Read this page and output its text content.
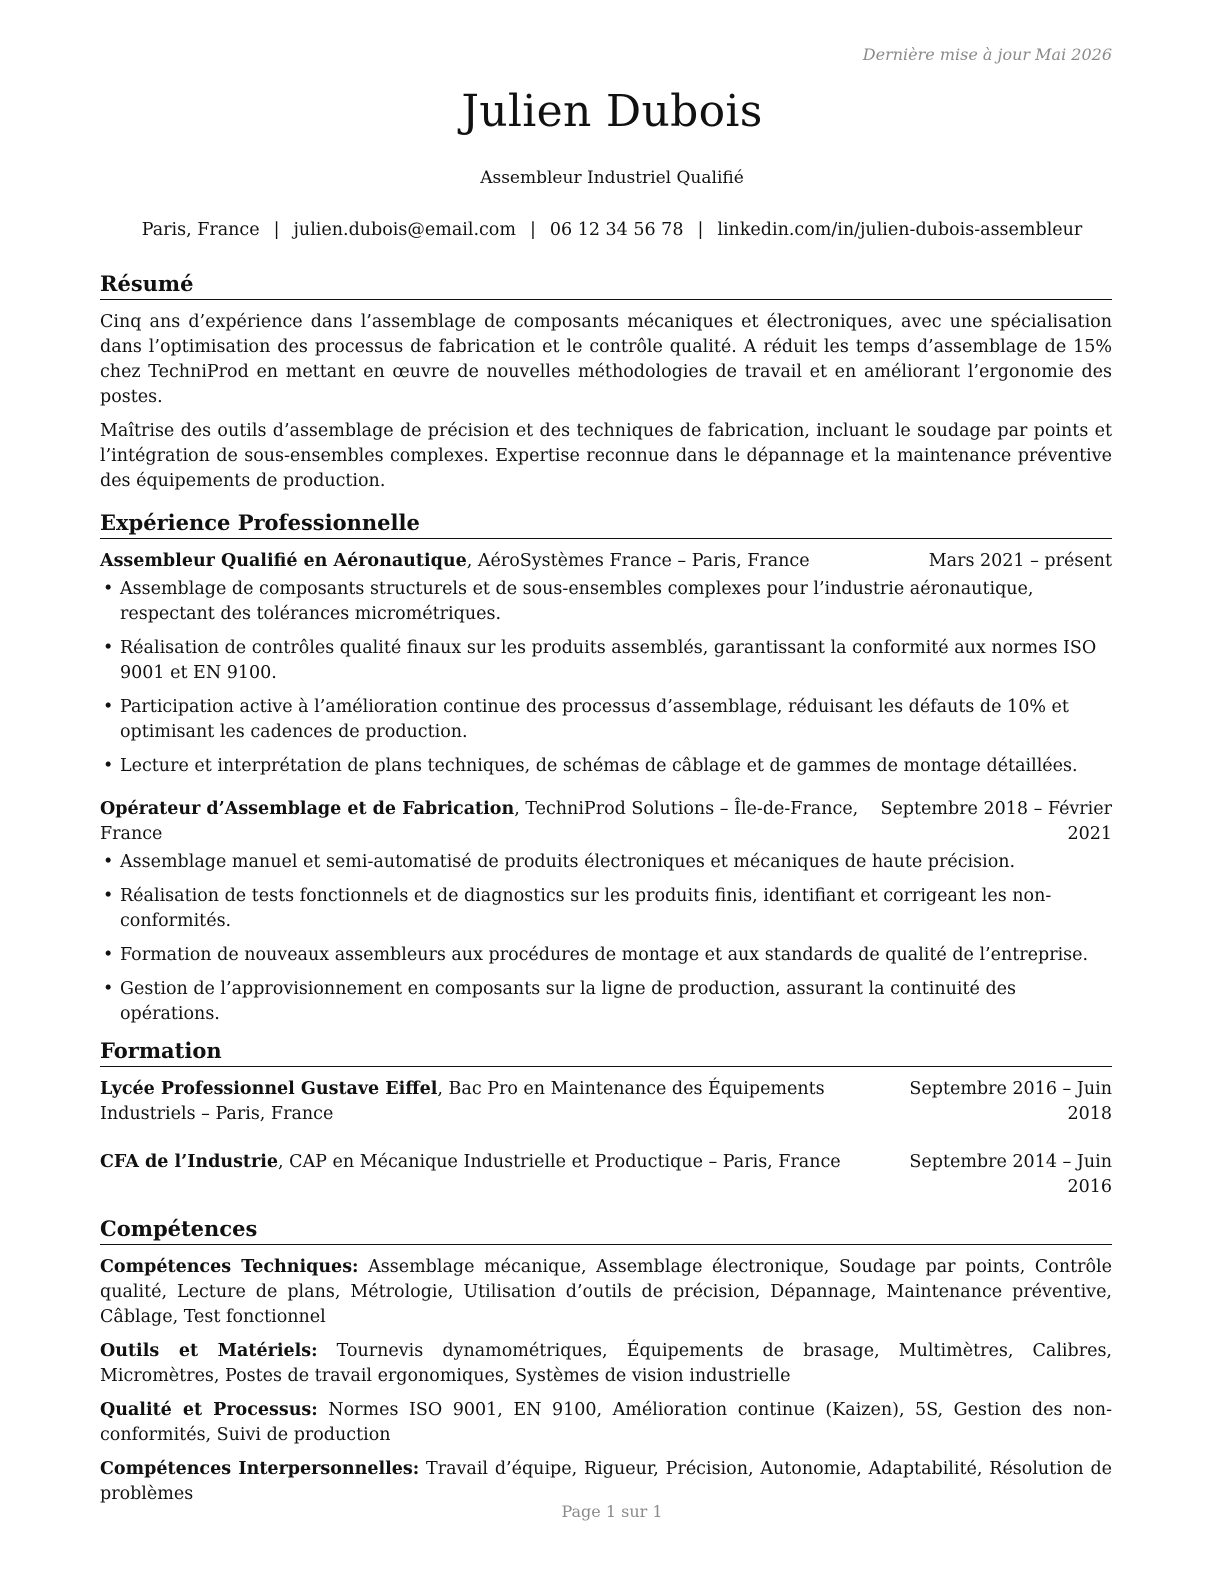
Dernière mise à jour Mai 2026
Julien Dubois
Assembleur Industriel Qualifié
Paris, France | julien.dubois@email.com | 06 12 34 56 78 | linkedin.com/in/julien-dubois-assembleur
Résumé

Cinq ans d’expérience dans l’assemblage de composants mécaniques et électroniques, avec une spécialisation dans l’optimisation des processus de fabrication et le contrôle qualité. A réduit les temps d’assemblage de 15% chez TechniProd en mettant en œuvre de nouvelles méthodologies de travail et en améliorant l’ergonomie des postes.

Maîtrise des outils d’assemblage de précision et des techniques de fabrication, incluant le soudage par points et l’intégration de sous-ensembles complexes. Expertise reconnue dans le dépannage et la maintenance préventive des équipements de production.

Expérience Professionnelle
Assembleur Qualifié en Aéronautique, AéroSystèmes France – Paris, France	Mars 2021 – présent
• Assemblage de composants structurels et de sous-ensembles complexes pour l’industrie aéronautique, respectant des tolérances micrométriques.
• Réalisation de contrôles qualité finaux sur les produits assemblés, garantissant la conformité aux normes ISO 9001 et EN 9100.
• Participation active à l’amélioration continue des processus d’assemblage, réduisant les défauts de 10% et optimisant les cadences de production.
• Lecture et interprétation de plans techniques, de schémas de câblage et de gammes de montage détaillées.
Opérateur d’Assemblage et de Fabrication, TechniProd Solutions – Île-de-France, France
Septembre 2018 – Février 2021
• Assemblage manuel et semi-automatisé de produits électroniques et mécaniques de haute précision.
• Réalisation de tests fonctionnels et de diagnostics sur les produits finis, identifiant et corrigeant les non-conformités.
• Formation de nouveaux assembleurs aux procédures de montage et aux standards de qualité de l’entreprise.
• Gestion de l’approvisionnement en composants sur la ligne de production, assurant la continuité des opérations.
Formation
Lycée Professionnel Gustave Eiffel, Bac Pro en Maintenance des Équipements Industriels – Paris, France
Septembre 2016 – Juin 2018
CFA de l’Industrie, CAP en Mécanique Industrielle et Productique – Paris, France	Septembre 2014 – Juin 2016
Compétences

Compétences Techniques: Assemblage mécanique, Assemblage électronique, Soudage par points, Contrôle qualité, Lecture de plans, Métrologie, Utilisation d’outils de précision, Dépannage, Maintenance préventive, Câblage, Test fonctionnel

Outils et Matériels: Tournevis dynamométriques, Équipements de brasage, Multimètres, Calibres, Micromètres, Postes de travail ergonomiques, Systèmes de vision industrielle

Qualité et Processus: Normes ISO 9001, EN 9100, Amélioration continue (Kaizen), 5S, Gestion des non-conformités, Suivi de production

Compétences Interpersonnelles: Travail d’équipe, Rigueur, Précision, Autonomie, Adaptabilité, Résolution de problèmes

Page 1 sur 1
